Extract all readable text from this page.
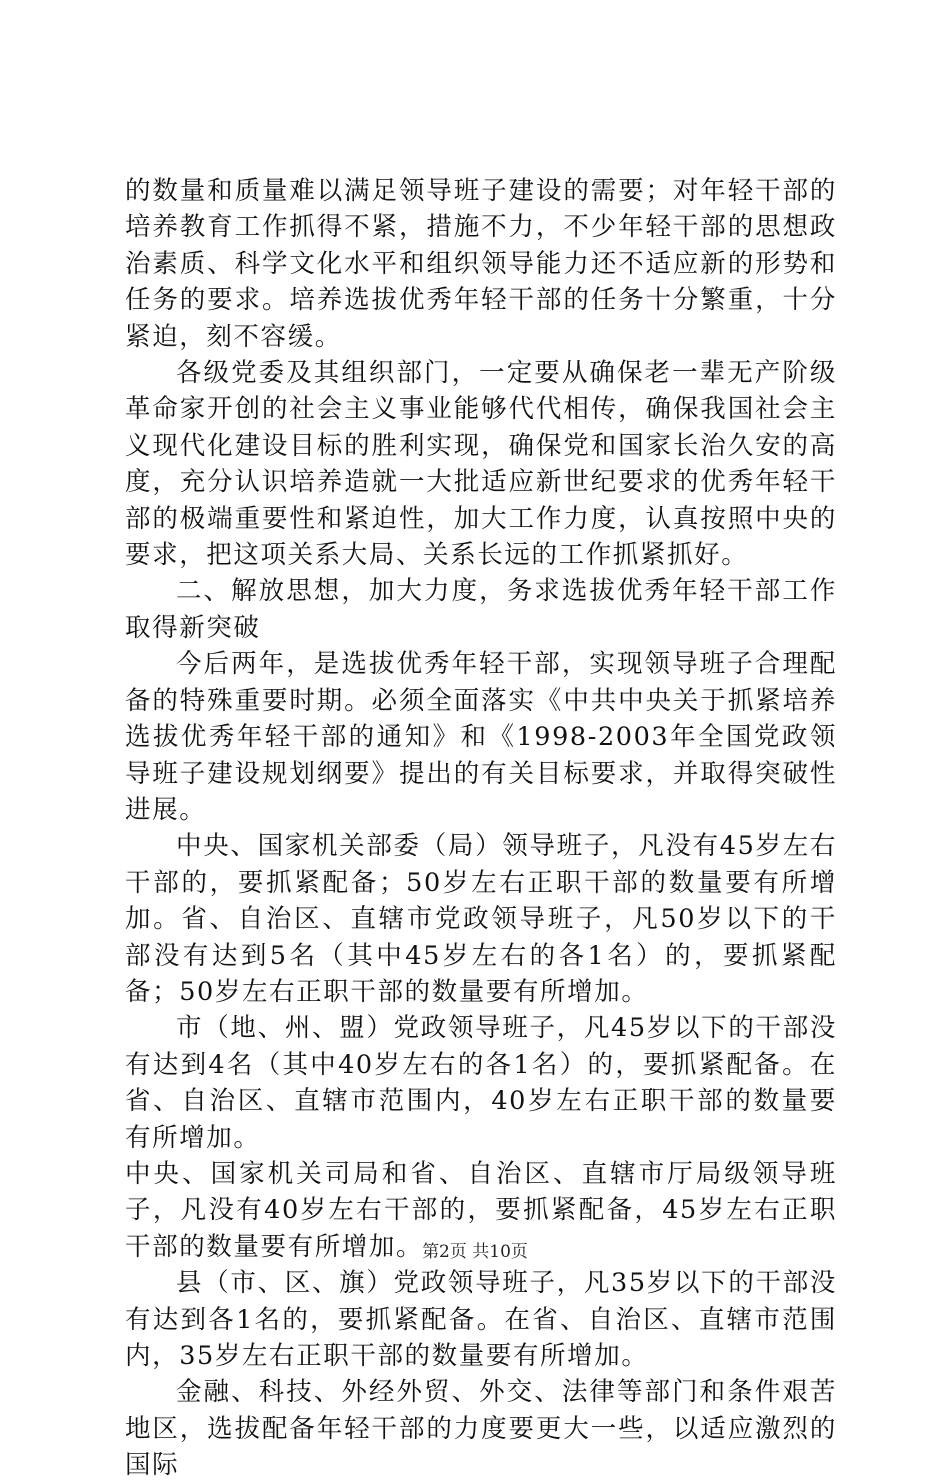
的数量和质量难以满足领导班子建设的需要；对年轻干部的培养教育工作抓得不紧，措施不力，不少年轻干部的思想政治素质、科学文化水平和组织领导能力还不适应新的形势和任务的要求。培养选拔优秀年轻干部的任务十分繁重，十分紧迫，刻不容缓。

各级党委及其组织部门，一定要从确保老一辈无产阶级革命家开创的社会主义事业能够代代相传，确保我国社会主义现代化建设目标的胜利实现，确保党和国家长治久安的高度，充分认识培养造就一大批适应新世纪要求的优秀年轻干部的极端重要性和紧迫性，加大工作力度，认真按照中央的要求，把这项关系大局、关系长远的工作抓紧抓好。

二、解放思想，加大力度，务求选拔优秀年轻干部工作取得新突破

今后两年，是选拔优秀年轻干部，实现领导班子合理配备的特殊重要时期。必须全面落实《中共中央关于抓紧培养选拔优秀年轻干部的通知》和《1998-2003年全国党政领导班子建设规划纲要》提出的有关目标要求，并取得突破性进展。

中央、国家机关部委（局）领导班子，凡没有45岁左右干部的，要抓紧配备；50岁左右正职干部的数量要有所增加。省、自治区、直辖市党政领导班子，凡50岁以下的干部没有达到5名（其中45岁左右的各1名）的，要抓紧配备；50岁左右正职干部的数量要有所增加。

市（地、州、盟）党政领导班子，凡45岁以下的干部没有达到4名（其中40岁左右的各1名）的，要抓紧配备。在省、自治区、直辖市范围内，40岁左右正职干部的数量要有所增加。

中央、国家机关司局和省、自治区、直辖市厅局级领导班子，凡没有40岁左右干部的，要抓紧配备，45岁左右正职干部的数量要有所增加。

县（市、区、旗）党政领导班子，凡35岁以下的干部没有达到各1名的，要抓紧配备。在省、自治区、直辖市范围内，35岁左右正职干部的数量要有所增加。

金融、科技、外经外贸、外交、法律等部门和条件艰苦地区，选拔配备年轻干部的力度要更大一些，以适应激烈的国际

第2页 共10页
